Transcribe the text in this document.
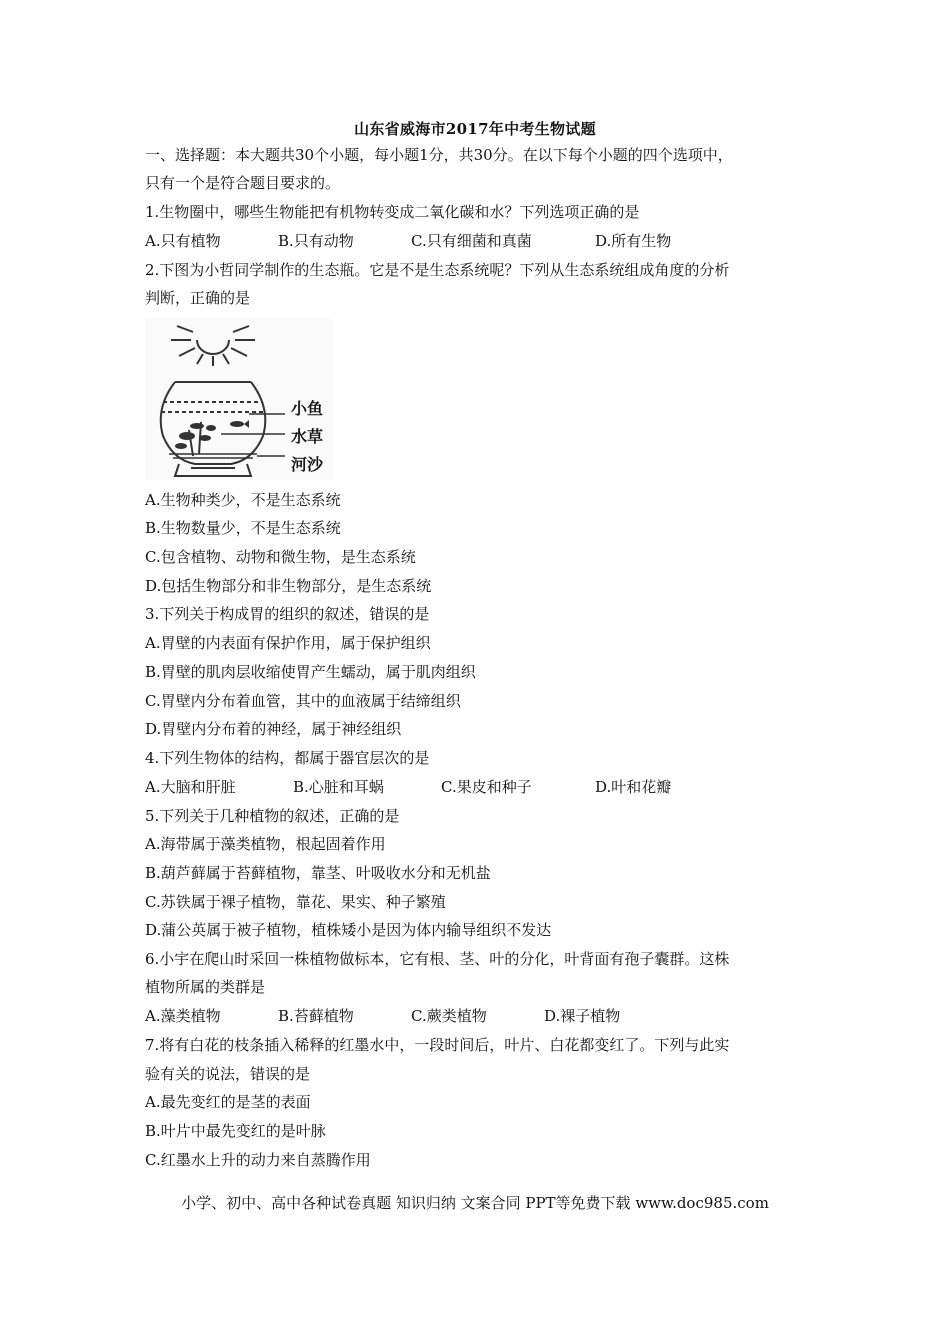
山东省威海市2017年中考生物试题
一、选择题：本大题共30个小题，每小题1分，共30分。在以下每个小题的四个选项中，
只有一个是符合题目要求的。
1.生物圈中，哪些生物能把有机物转变成二氧化碳和水？下列选项正确的是
A.只有植物	B.只有动物	C.只有细菌和真菌	D.所有生物
2.下图为小哲同学制作的生态瓶。它是不是生态系统呢？下列从生态系统组成角度的分析
判断，正确的是
小鱼
水草
河沙
A.生物种类少，不是生态系统
B.生物数量少，不是生态系统
C.包含植物、动物和微生物，是生态系统
D.包括生物部分和非生物部分，是生态系统
3.下列关于构成胃的组织的叙述，错误的是
A.胃壁的内表面有保护作用，属于保护组织
B.胃壁的肌肉层收缩使胃产生蠕动，属于肌肉组织
C.胃壁内分布着血管，其中的血液属于结缔组织
D.胃壁内分布着的神经，属于神经组织
4.下列生物体的结构，都属于器官层次的是
A.大脑和肝脏	B.心脏和耳蜗	C.果皮和种子	D.叶和花瓣
5.下列关于几种植物的叙述，正确的是
A.海带属于藻类植物，根起固着作用
B.葫芦藓属于苔藓植物，靠茎、叶吸收水分和无机盐
C.苏铁属于裸子植物，靠花、果实、种子繁殖
D.蒲公英属于被子植物，植株矮小是因为体内输导组织不发达
6.小宇在爬山时采回一株植物做标本，它有根、茎、叶的分化，叶背面有孢子囊群。这株
植物所属的类群是
A.藻类植物	B.苔藓植物	C.蕨类植物	D.裸子植物
7.将有白花的枝条插入稀释的红墨水中，一段时间后，叶片、白花都变红了。下列与此实
验有关的说法，错误的是
A.最先变红的是茎的表面
B.叶片中最先变红的是叶脉
C.红墨水上升的动力来自蒸腾作用
小学、初中、高中各种试卷真题 知识归纳 文案合同 PPT等免费下载 www.doc985.com
